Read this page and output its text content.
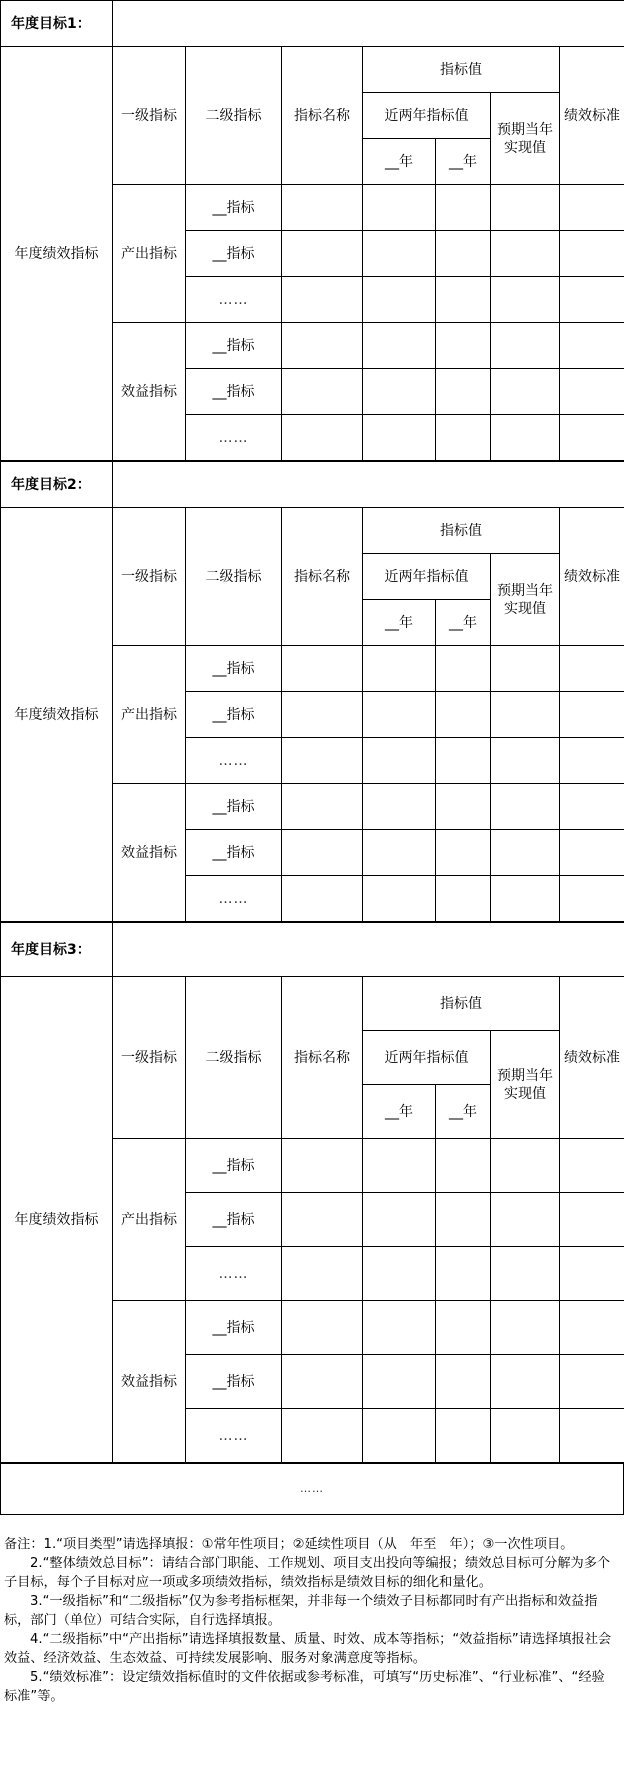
年度目标1：							
年度绩效指标	一级指标	二级指标	指标名称	指标值			绩效标准
				近两年指标值		预期当年实现值	
				__年	__年		
	产出指标	__指标					
		__指标					
		……					
	效益指标	__指标					
		__指标					
		……					
年度目标2：							
年度绩效指标	一级指标	二级指标	指标名称	指标值			绩效标准
				近两年指标值		预期当年实现值	
				__年	__年		
	产出指标	__指标					
		__指标					
		……					
	效益指标	__指标					
		__指标					
		……					
年度目标3：							
年度绩效指标	一级指标	二级指标	指标名称	指标值			绩效标准
				近两年指标值		预期当年实现值	
				__年	__年		
	产出指标	__指标					
		__指标					
		……					
	效益指标	__指标					
		__指标					
		……					
……

备注：1.“项目类型”请选择填报：①常年性项目；②延续性项目（从　年至　年）；③一次性项目。

2.“整体绩效总目标”：请结合部门职能、工作规划、项目支出投向等编报；绩效总目标可分解为多个子目标，每个子目标对应一项或多项绩效指标，绩效指标是绩效目标的细化和量化。

3.“一级指标”和“二级指标”仅为参考指标框架，并非每一个绩效子目标都同时有产出指标和效益指标，部门（单位）可结合实际，自行选择填报。

4.“二级指标”中“产出指标”请选择填报数量、质量、时效、成本等指标；“效益指标”请选择填报社会效益、经济效益、生态效益、可持续发展影响、服务对象满意度等指标。

5.“绩效标准”：设定绩效指标值时的文件依据或参考标准，可填写“历史标准”、“行业标准”、“经验标准”等。
